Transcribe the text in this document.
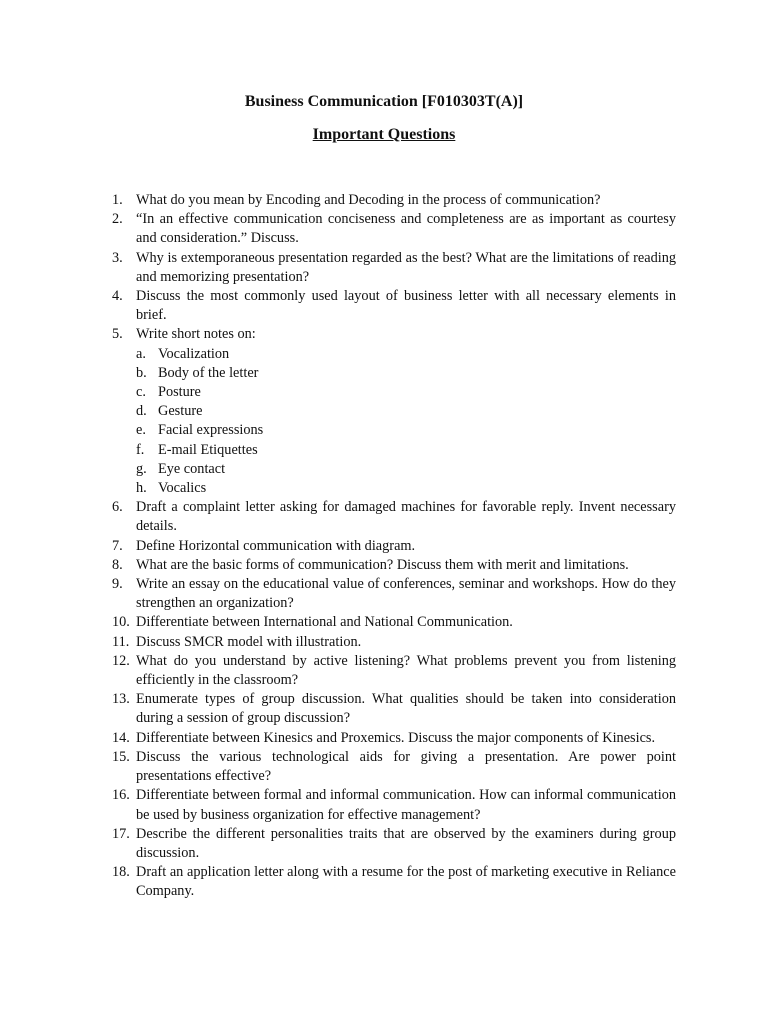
Business Communication [F010303T(A)]
Important Questions
1. What do you mean by Encoding and Decoding in the process of communication?
2. “In an effective communication conciseness and completeness are as important as courtesy and consideration.” Discuss.
3. Why is extemporaneous presentation regarded as the best? What are the limitations of reading and memorizing presentation?
4. Discuss the most commonly used layout of business letter with all necessary elements in brief.
5. Write short notes on:
a. Vocalization
b. Body of the letter
c. Posture
d. Gesture
e. Facial expressions
f. E-mail Etiquettes
g. Eye contact
h. Vocalics
6. Draft a complaint letter asking for damaged machines for favorable reply. Invent necessary details.
7. Define Horizontal communication with diagram.
8. What are the basic forms of communication? Discuss them with merit and limitations.
9. Write an essay on the educational value of conferences, seminar and workshops. How do they strengthen an organization?
10. Differentiate between International and National Communication.
11. Discuss SMCR model with illustration.
12. What do you understand by active listening? What problems prevent you from listening efficiently in the classroom?
13. Enumerate types of group discussion. What qualities should be taken into consideration during a session of group discussion?
14. Differentiate between Kinesics and Proxemics. Discuss the major components of Kinesics.
15. Discuss the various technological aids for giving a presentation. Are power point presentations effective?
16. Differentiate between formal and informal communication. How can informal communication be used by business organization for effective management?
17. Describe the different personalities traits that are observed by the examiners during group discussion.
18. Draft an application letter along with a resume for the post of marketing executive in Reliance Company.
